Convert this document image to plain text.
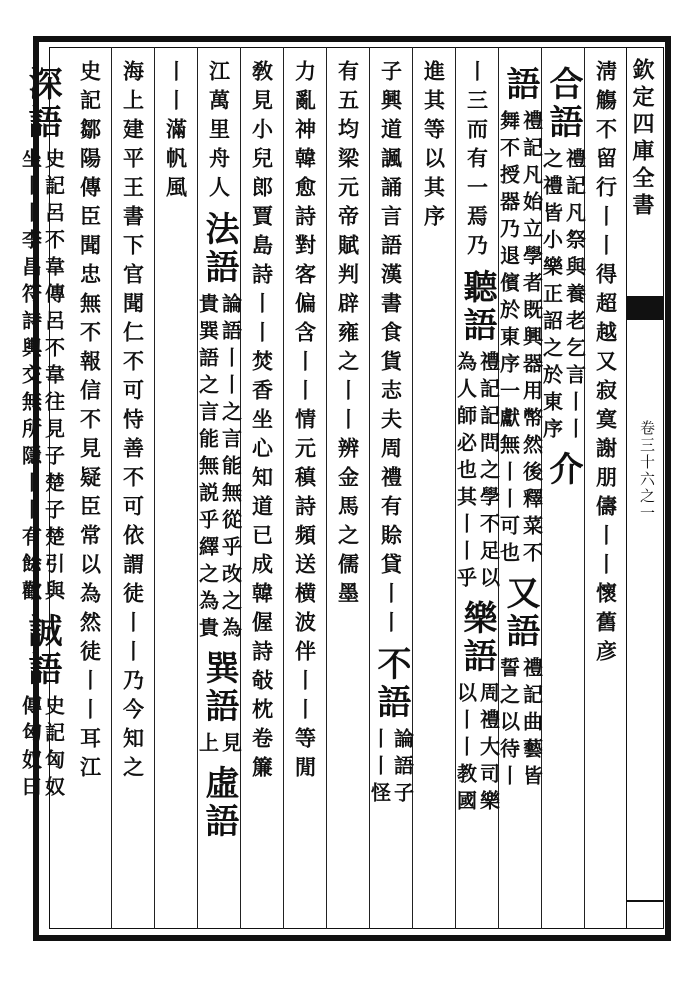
欽定四庫全書
卷三十六之一
淸觴不留行丨丨得超越又
寂寞謝朋儔丨丨懷舊彦
合語
之禮皆小樂正詔之於東序 禮記凡祭與養老乞言丨丨
介
語
舞不授器乃退儐於東序一獻無丨丨可也 禮記凡始立學者既興器用幣然後釋菜不
又語
誓之以待丨 禮記曲藝皆
丨三而有一焉乃
聽語
為人師必也其丨丨乎 禮記記問之學不足以
樂語
以丨丨教國 周禮大司樂
進其等以其序
子興道諷誦言語漢書食貨志夫周禮有賒貸丨丨
不語
丨丨怪 論語子
有五均梁元帝賦判辟雍之丨丨辨金馬之儒墨
力亂神韓愈詩對客偏含丨丨情元稹詩頻送横波伴丨丨等閒
敎見小兒郎賈島詩丨丨焚香坐心知道已成韓偓詩敧枕卷簾
江萬里舟人
法語
貴巽語之言能無説乎繹之為貴 論語丨丨之言能無從乎改之為
巽語
上 見
虛語
丨丨滿帆風
海上建平王書下官聞仁不可恃善不可依謂徒丨丨乃今知之
史記鄒陽傳臣聞忠無不報信不見疑臣常以為然徒丨丨耳江
深語
坐丨丨李昌符詩輿交無所隱丨丨有餘歡 史記呂不韋傳呂不韋往見子楚子楚引與
誠語
傳匈奴曰 史記匈奴
